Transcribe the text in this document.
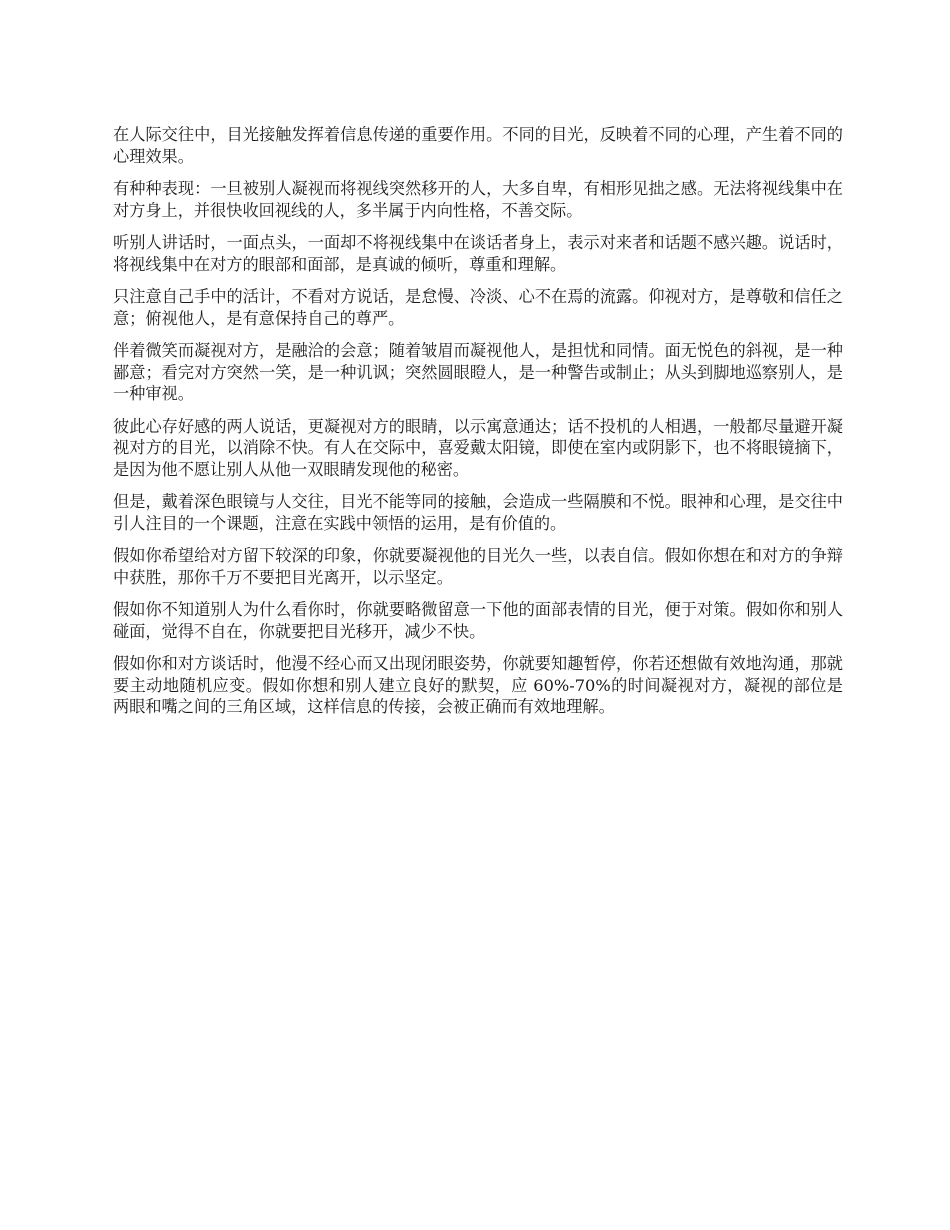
在人际交往中，目光接触发挥着信息传递的重要作用。不同的目光，反映着不同的心理，产生着不同的心理效果。

有种种表现：一旦被别人凝视而将视线突然移开的人，大多自卑，有相形见拙之感。无法将视线集中在对方身上，并很快收回视线的人，多半属于内向性格，不善交际。

听别人讲话时，一面点头，一面却不将视线集中在谈话者身上，表示对来者和话题不感兴趣。说话时，将视线集中在对方的眼部和面部，是真诚的倾听，尊重和理解。

只注意自己手中的活计，不看对方说话，是怠慢、冷淡、心不在焉的流露。仰视对方，是尊敬和信任之意；俯视他人，是有意保持自己的尊严。

伴着微笑而凝视对方，是融洽的会意；随着皱眉而凝视他人，是担忧和同情。面无悦色的斜视，是一种鄙意；看完对方突然一笑，是一种讥讽；突然圆眼瞪人，是一种警告或制止；从头到脚地巡察别人，是一种审视。

彼此心存好感的两人说话，更凝视对方的眼睛，以示寓意通达；话不投机的人相遇，一般都尽量避开凝视对方的目光，以消除不快。有人在交际中，喜爱戴太阳镜，即使在室内或阴影下，也不将眼镜摘下，是因为他不愿让别人从他一双眼睛发现他的秘密。

但是，戴着深色眼镜与人交往，目光不能等同的接触，会造成一些隔膜和不悦。眼神和心理，是交往中引人注目的一个课题，注意在实践中领悟的运用，是有价值的。

假如你希望给对方留下较深的印象，你就要凝视他的目光久一些，以表自信。假如你想在和对方的争辩中获胜，那你千万不要把目光离开，以示坚定。

假如你不知道别人为什么看你时，你就要略微留意一下他的面部表情的目光，便于对策。假如你和别人碰面，觉得不自在，你就要把目光移开，减少不快。

假如你和对方谈话时，他漫不经心而又出现闭眼姿势，你就要知趣暂停，你若还想做有效地沟通，那就要主动地随机应变。假如你想和别人建立良好的默契，应 60%-70%的时间凝视对方，凝视的部位是两眼和嘴之间的三角区域，这样信息的传接，会被正确而有效地理解。
